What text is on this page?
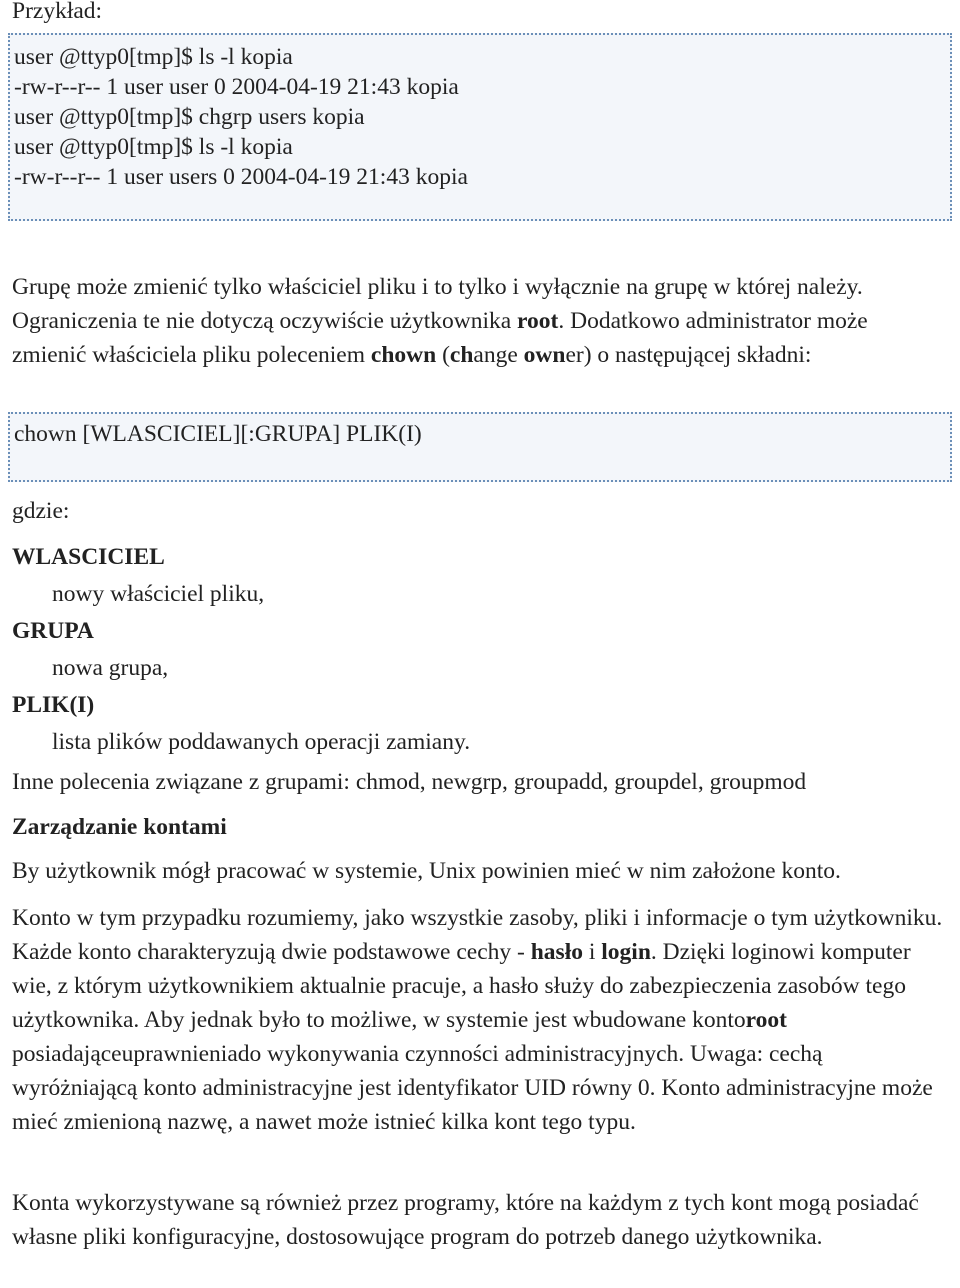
Przykład:

user @ttyp0[tmp]$ ls -l kopia
-rw-r--r-- 1 user user 0 2004-04-19 21:43 kopia
user @ttyp0[tmp]$ chgrp users kopia
user @ttyp0[tmp]$ ls -l kopia
-rw-r--r-- 1 user users 0 2004-04-19 21:43 kopia

Grupę może zmienić tylko właściciel pliku i to tylko i wyłącznie na grupę w której należy. Ograniczenia te nie dotyczą oczywiście użytkownika root. Dodatkowo administrator może zmienić właściciela pliku poleceniem chown (change owner) o następującej składni:

chown [WLASCICIEL][:GRUPA] PLIK(I)

gdzie:

WLASCICIEL
nowy właściciel pliku,
GRUPA
nowa grupa,
PLIK(I)
lista plików poddawanych operacji zamiany.

Inne polecenia związane z grupami: chmod, newgrp, groupadd, groupdel, groupmod

Zarządzanie kontami

By użytkownik mógł pracować w systemie, Unix powinien mieć w nim założone konto.

Konto w tym przypadku rozumiemy, jako wszystkie zasoby, pliki i informacje o tym użytkowniku. Każde konto charakteryzują dwie podstawowe cechy - hasło i login. Dzięki loginowi komputer wie, z którym użytkownikiem aktualnie pracuje, a hasło służy do zabezpieczenia zasobów tego użytkownika. Aby jednak było to możliwe, w systemie jest wbudowane kontoroot posiadająceuprawnieniado wykonywania czynności administracyjnych. Uwaga: cechą wyróżniającą konto administracyjne jest identyfikator UID równy 0. Konto administracyjne może mieć zmienioną nazwę, a nawet może istnieć kilka kont tego typu.

Konta wykorzystywane są również przez programy, które na każdym z tych kont mogą posiadać własne pliki konfiguracyjne, dostosowujące program do potrzeb danego użytkownika.
